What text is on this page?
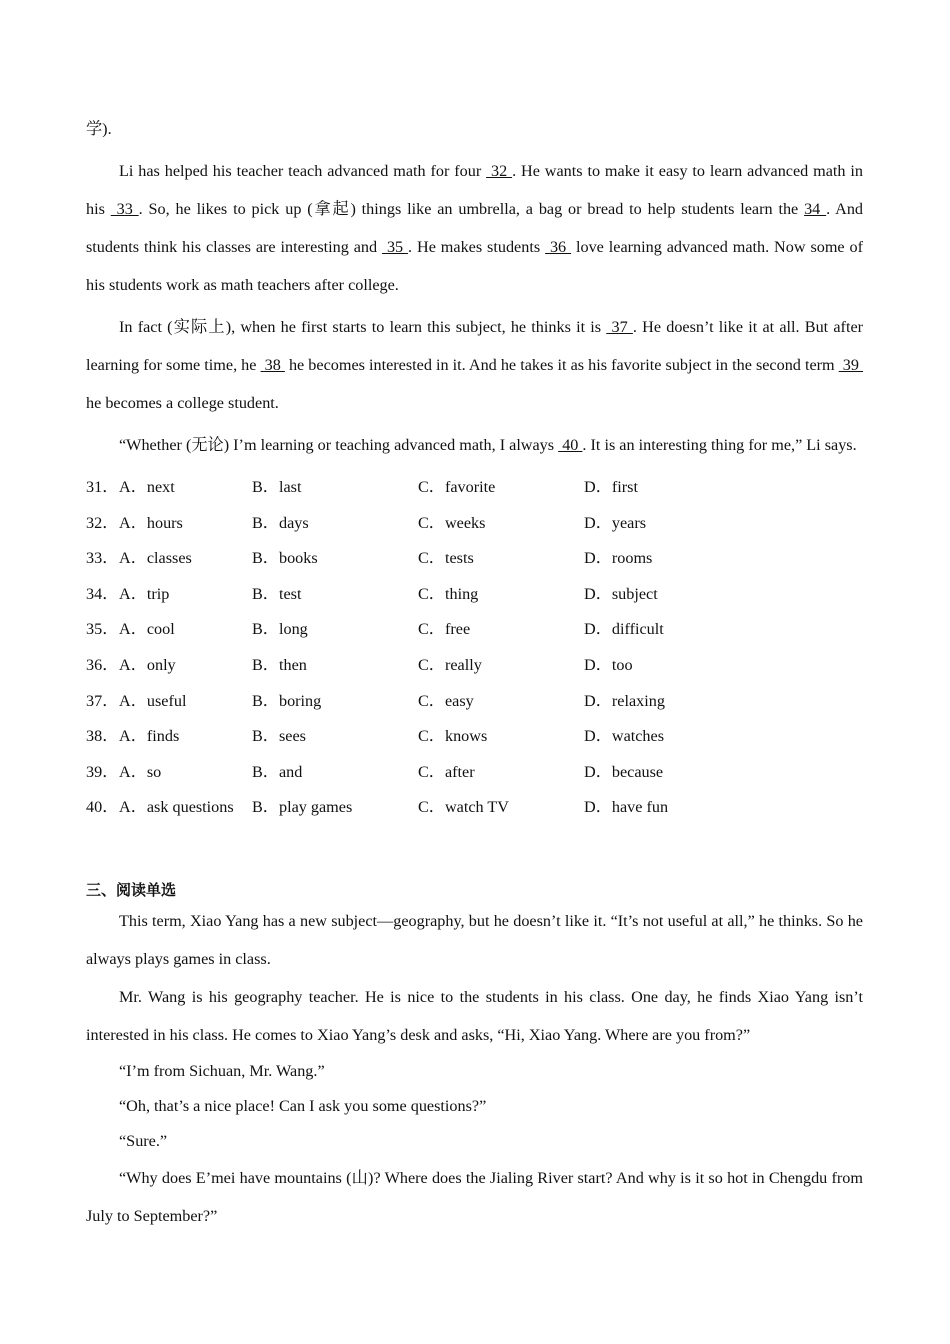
学).

Li has helped his teacher teach advanced math for four  32 . He wants to make it easy to learn advanced math in his  33 . So, he likes to pick up (拿起) things like an umbrella, a bag or bread to help students learn the 34 . And students think his classes are interesting and  35 . He makes students  36  love learning advanced math. Now some of his students work as math teachers after college.

In fact (实际上), when he first starts to learn this subject, he thinks it is  37 . He doesn’t like it at all. But after learning for some time, he  38  he becomes interested in it. And he takes it as his favorite subject in the second term  39  he becomes a college student.

“Whether (无论) I’m learning or teaching advanced math, I always  40 . It is an interesting thing for me,” Li says.

31． A．next	B．last	C．favorite	D．first
32． A．hours	B．days	C．weeks	D．years
33． A．classes	B．books	C．tests	D．rooms
34． A．trip	B．test	C．thing	D．subject
35． A．cool	B．long	C．free	D．difficult
36． A．only	B．then	C．really	D．too
37． A．useful	B．boring	C．easy	D．relaxing
38． A．finds	B．sees	C．knows	D．watches
39． A．so	B．and	C．after	D．because
40． A．ask questions	B．play games	C．watch TV	D．have fun

三、阅读单选

This term, Xiao Yang has a new subject—geography, but he doesn’t like it. “It’s not useful at all,” he thinks. So he always plays games in class.

Mr. Wang is his geography teacher. He is nice to the students in his class. One day, he finds Xiao Yang isn’t interested in his class. He comes to Xiao Yang’s desk and asks, “Hi, Xiao Yang. Where are you from?”

“I’m from Sichuan, Mr. Wang.”

“Oh, that’s a nice place! Can I ask you some questions?”

“Sure.”

“Why does E’mei have mountains (山)? Where does the Jialing River start? And why is it so hot in Chengdu from July to September?”
